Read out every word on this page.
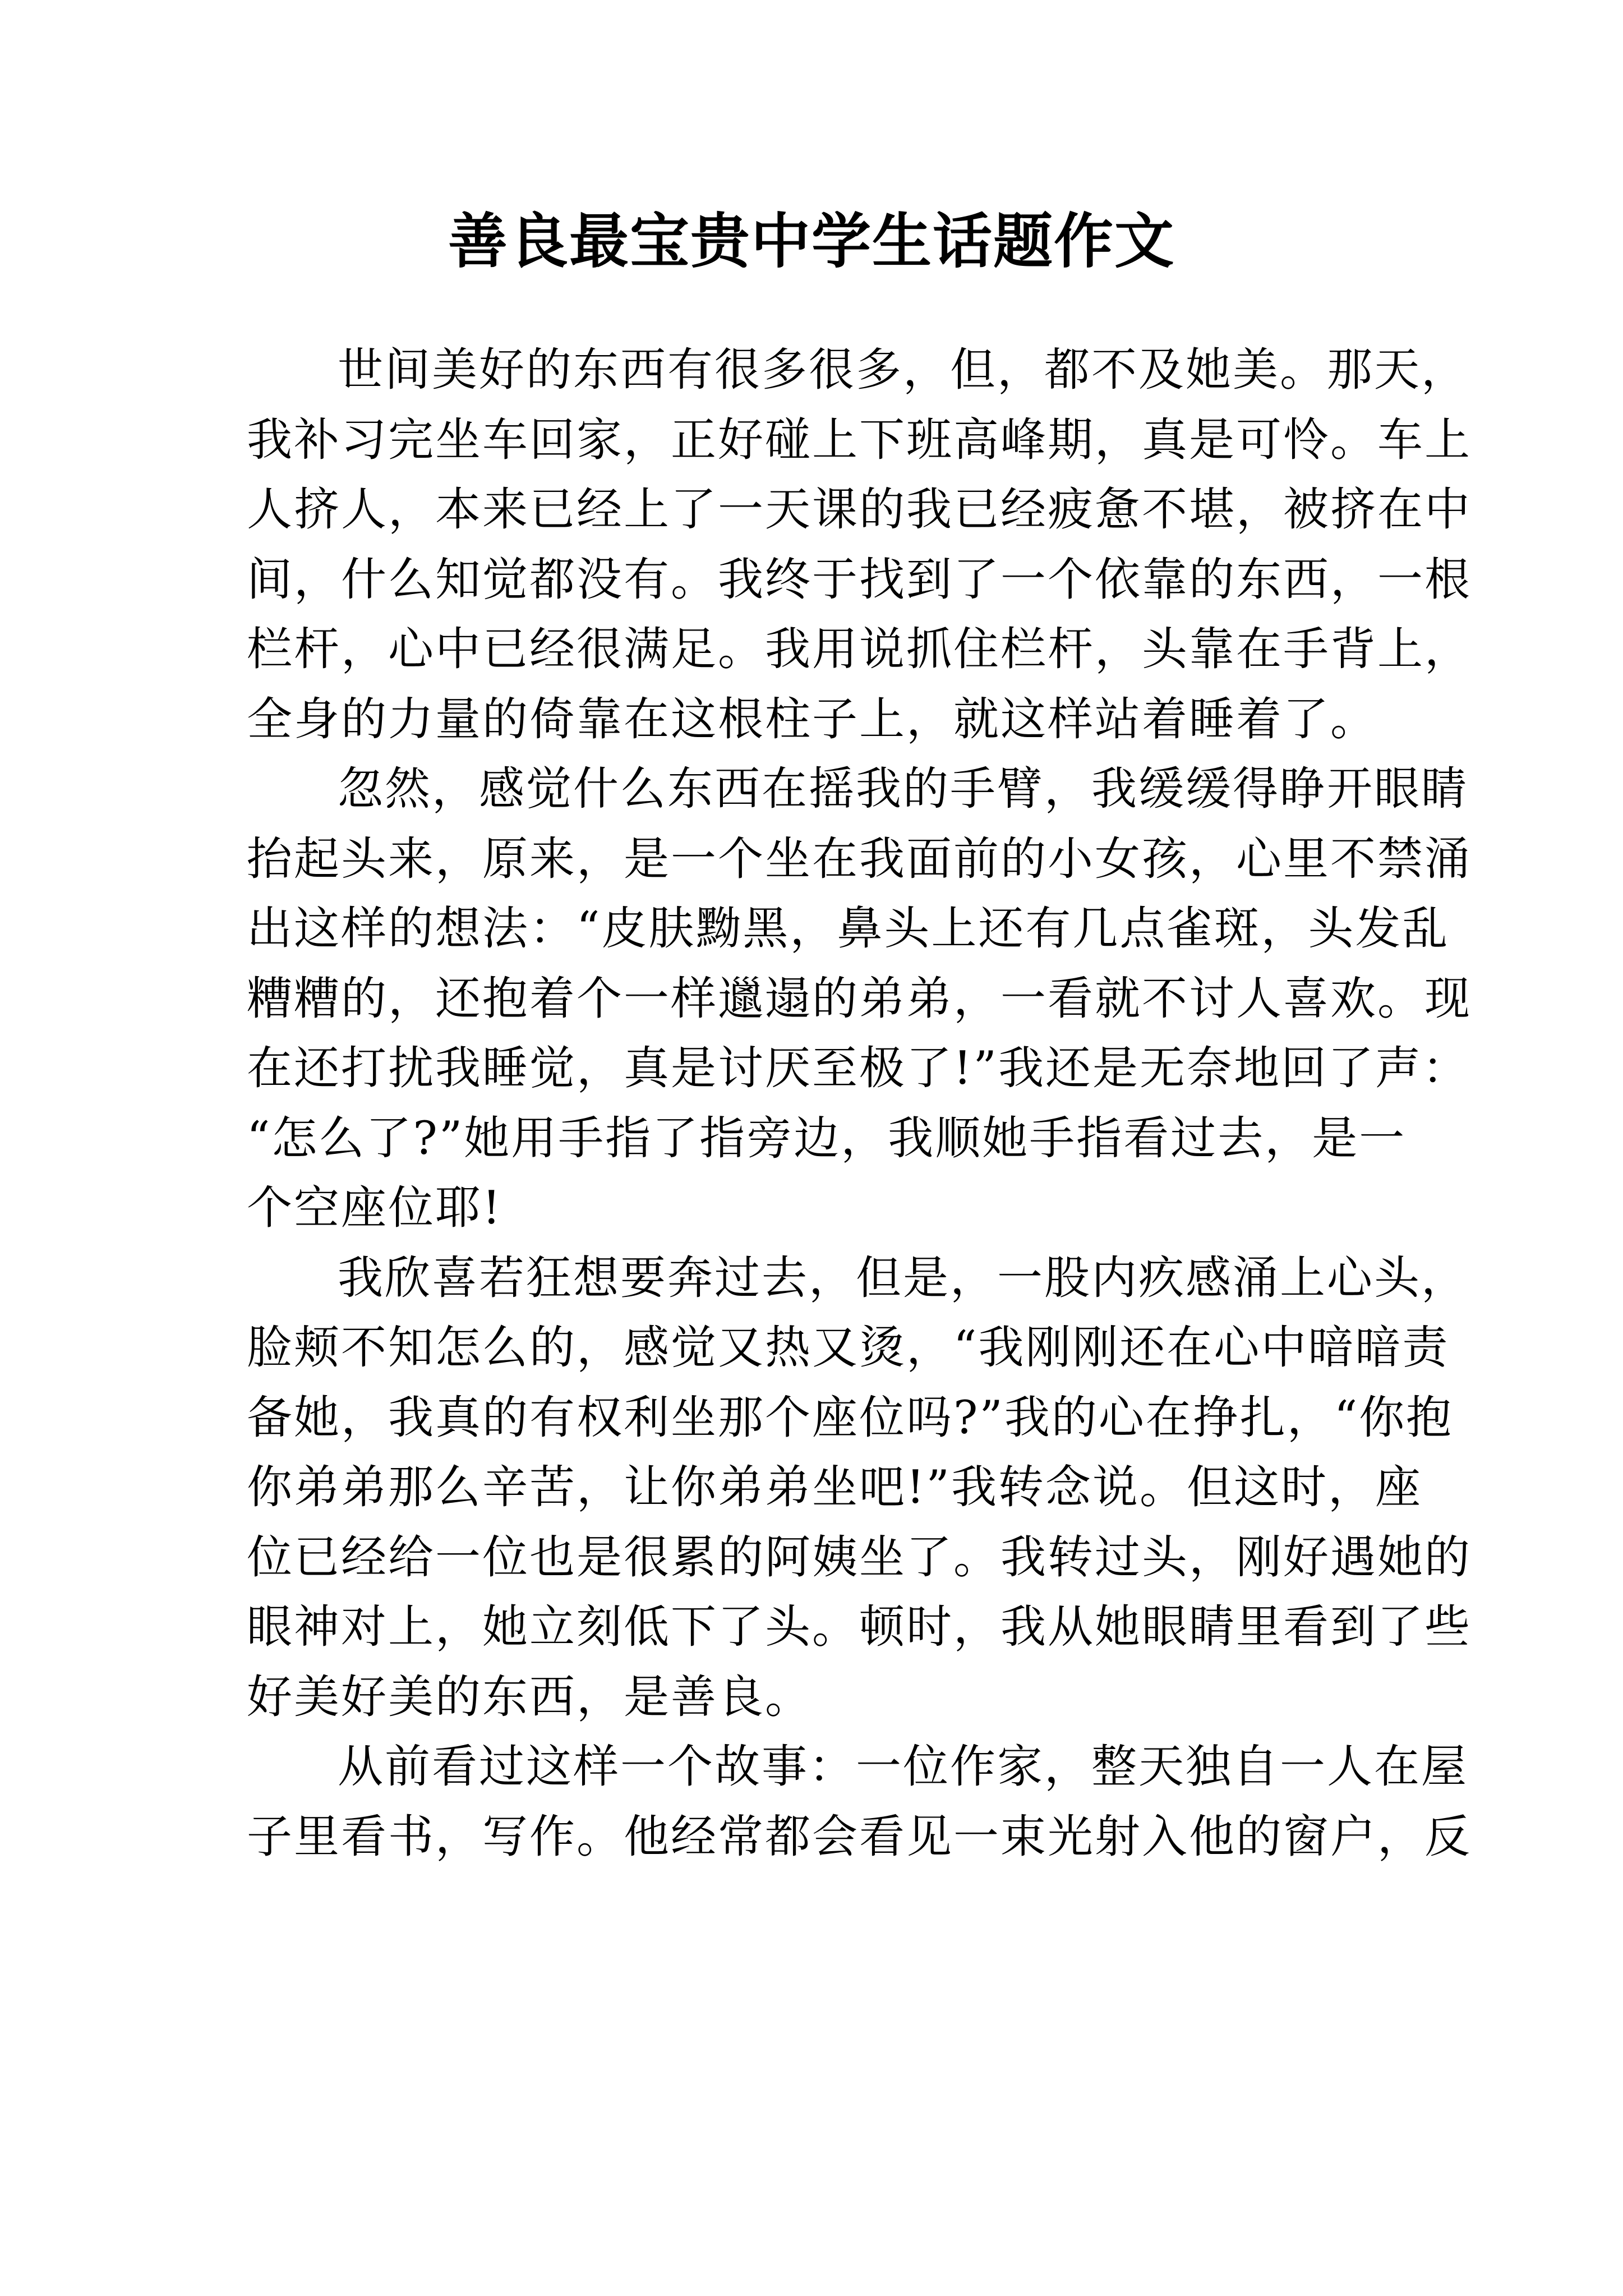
善良最宝贵中学生话题作文
世间美好的东西有很多很多，但，都不及她美。那天，
我补习完坐车回家，正好碰上下班高峰期，真是可怜。车上
人挤人，本来已经上了一天课的我已经疲惫不堪，被挤在中
间，什么知觉都没有。我终于找到了一个依靠的东西，一根
栏杆，心中已经很满足。我用说抓住栏杆，头靠在手背上，
全身的力量的倚靠在这根柱子上，就这样站着睡着了。
忽然，感觉什么东西在摇我的手臂，我缓缓得睁开眼睛
抬起头来，原来，是一个坐在我面前的小女孩，心里不禁涌
出这样的想法：“皮肤黝黑，鼻头上还有几点雀斑，头发乱
糟糟的，还抱着个一样邋遢的弟弟，一看就不讨人喜欢。现
在还打扰我睡觉，真是讨厌至极了!”我还是无奈地回了声：
“怎么了?”她用手指了指旁边，我顺她手指看过去，是一
个空座位耶!
我欣喜若狂想要奔过去，但是，一股内疚感涌上心头，
脸颊不知怎么的，感觉又热又烫，“我刚刚还在心中暗暗责
备她，我真的有权利坐那个座位吗?”我的心在挣扎，“你抱
你弟弟那么辛苦，让你弟弟坐吧!”我转念说。但这时，座
位已经给一位也是很累的阿姨坐了。我转过头，刚好遇她的
眼神对上，她立刻低下了头。顿时，我从她眼睛里看到了些
好美好美的东西，是善良。
从前看过这样一个故事：一位作家，整天独自一人在屋
子里看书，写作。他经常都会看见一束光射入他的窗户，反
